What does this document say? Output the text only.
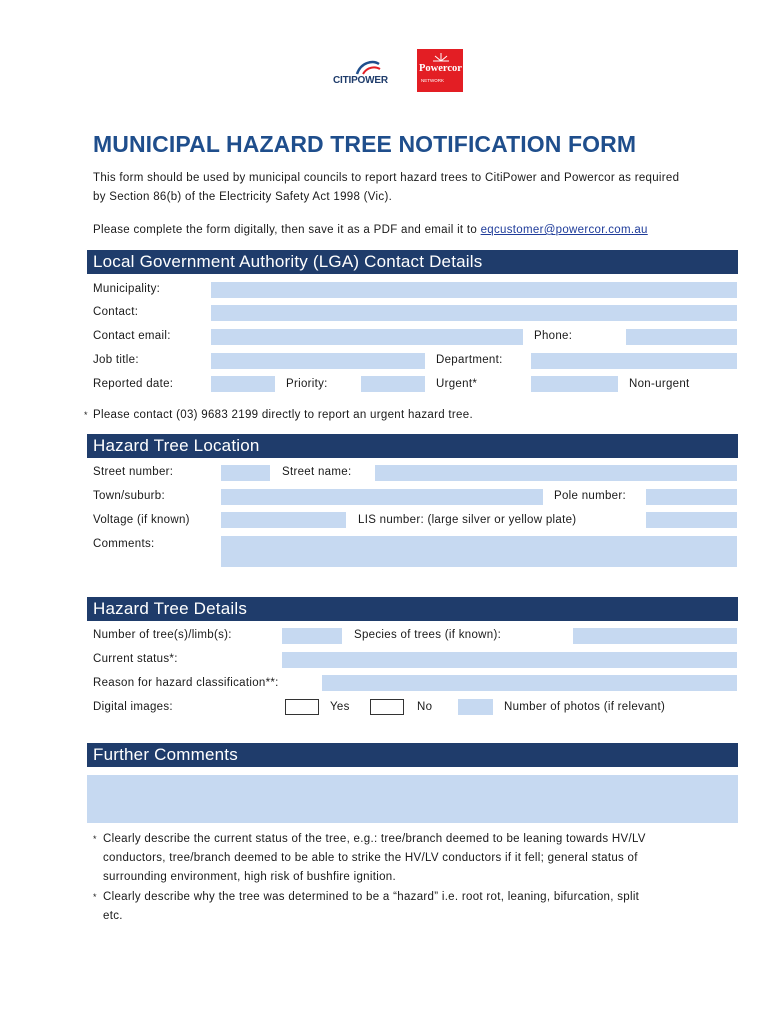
CITIPOWER
Powercor
NETWORK
MUNICIPAL HAZARD TREE NOTIFICATION FORM
This form should be used by municipal councils to report hazard trees to CitiPower and Powercor as required
by Section 86(b) of the Electricity Safety Act 1998 (Vic).
Please complete the form digitally, then save it as a PDF and email it to eqcustomer@powercor.com.au
Local Government Authority (LGA) Contact Details
Municipality:
Contact:
Contact email:	Phone:
Job title:	Department:
Reported date:	Priority:	Urgent*	Non-urgent
* Please contact (03) 9683 2199 directly to report an urgent hazard tree.
Hazard Tree Location
Street number:	Street name:
Town/suburb:	Pole number:
Voltage (if known)	LIS number: (large silver or yellow plate)
Comments:
Hazard Tree Details
Number of tree(s)/limb(s):	Species of trees (if known):
Current status*:
Reason for hazard classification**:
Digital images:	Yes	No	Number of photos (if relevant)
Further Comments
* Clearly describe the current status of the tree, e.g.: tree/branch deemed to be leaning towards HV/LV
conductors, tree/branch deemed to be able to strike the HV/LV conductors if it fell; general status of
surrounding environment, high risk of bushfire ignition.
* Clearly describe why the tree was determined to be a “hazard” i.e. root rot, leaning, bifurcation, split
etc.
